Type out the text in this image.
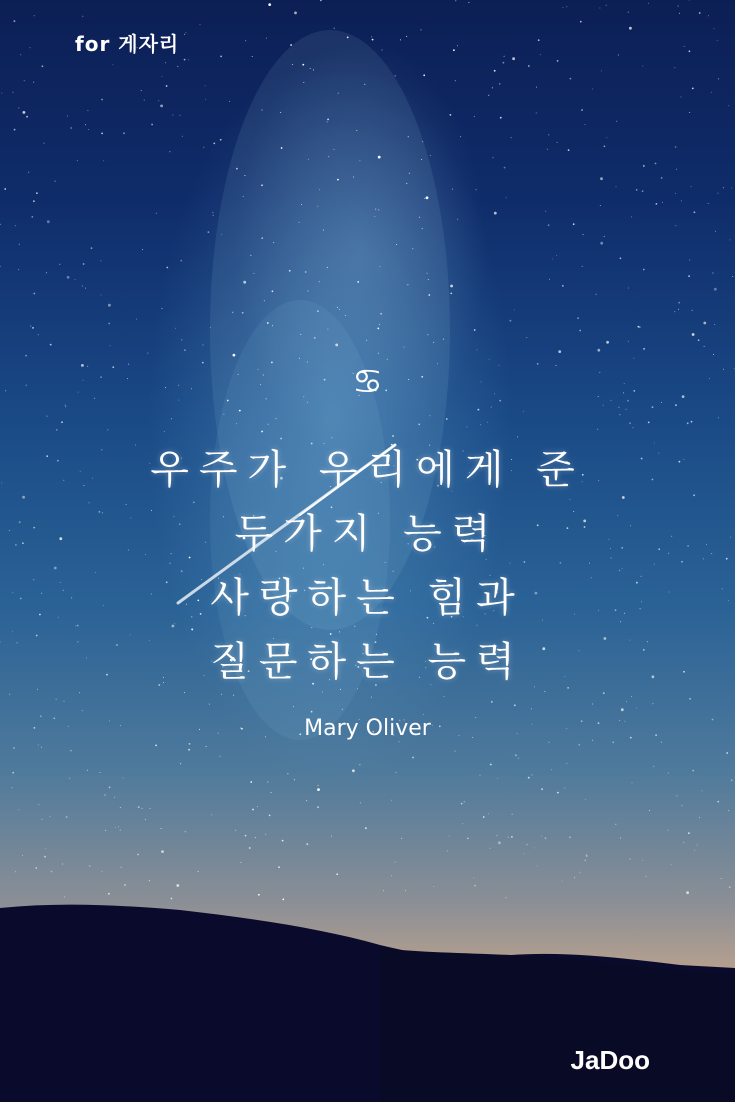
for 게자리
♋
우주가 우리에게 준
두가지 능력
사랑하는 힘과
질문하는 능력
Mary Oliver
JaDoo
